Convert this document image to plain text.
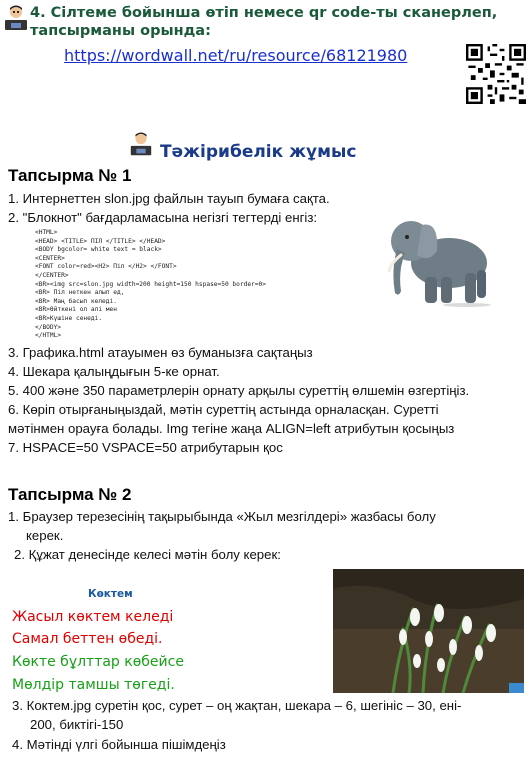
4. Сілтеме бойынша өтіп немесе qr code-ты сканерлеп,
тапсырманы орында:
https://wordwall.net/ru/resource/68121980
Тәжірибелік жұмыс
Тапсырма № 1
1. Интернеттен slon.jpg файлын тауып бумаға сақта.
2. "Блокнот" бағдарламасына негізгі тегтерді енгіз:
<HTML>
<HEAD> <TITLE> ПІЛ </TITLE> </HEAD>
<BODY bgcolor= white text = black>
<CENTER>
<FONT color=red><H2> Піл </H2> </FONT>
</CENTER>
<BR><img src=slon.jpg width=200 height=150 hspase=50 border=0>
<BR> Піл неткен алып ед,
<BR> Маң басып келеді.
<BR>Өйткені ол алі мен
<BR>Күшіне сенеді.
</BODY>
</HTML>
3. Графика.html атауымен өз буманызға сақтаңыз
4. Шекара қалыңдығын 5-ке орнат.
5. 400 және 350 параметрлерін орнату арқылы суреттің өлшемін өзгертіңіз.
6. Көріп отырғаныңыздай, мәтін суреттің астында орналасқан. Суретті
мәтінмен орауға болады. Img тегіне жаңа ALIGN=left атрибутын қосыңыз
7. HSPACE=50 VSPACE=50 атрибутарын қос
Тапсырма № 2
1. Браузер терезесінің тақырыбында «Жыл мезгілдері» жазбасы болу
керек.
2. Құжат денесінде келесі мәтін болу керек:
Көктем
Жасыл көктем келеді
Самал беттен өбеді.
Көкте бұлттар көбейсе
Мөлдір тамшы төгеді.
3. Коктем.jpg суретін қос, сурет – оң жақтан, шекара – 6, шегініс – 30, ені-
200, биктігі-150
4. Мәтінді үлгі бойынша пішімдеңіз
